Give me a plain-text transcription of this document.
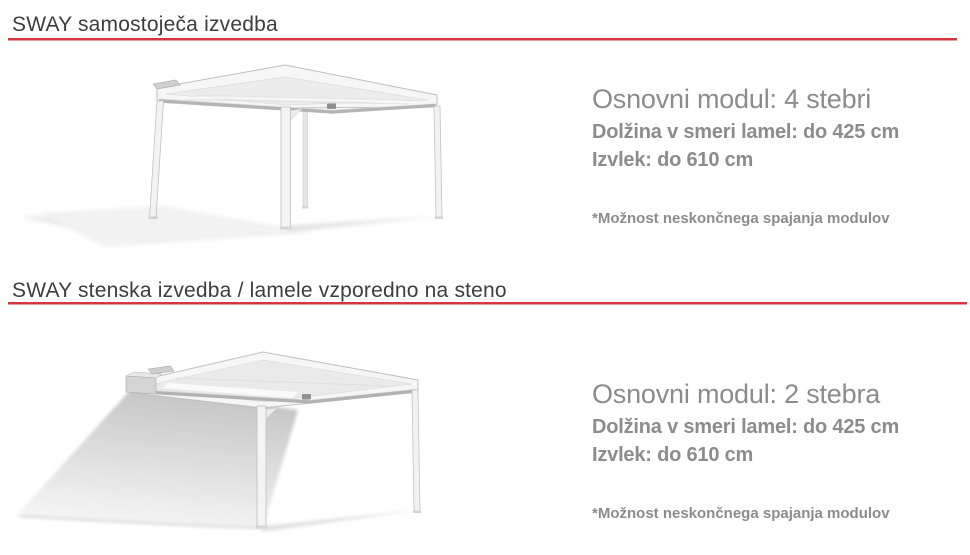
SWAY samostoječa izvedba

Osnovni modul: 4 stebri

Dolžina v smeri lamel: do 425 cm

Izvlek: do 610 cm

*Možnost neskončnega spajanja modulov

SWAY stenska izvedba / lamele vzporedno na steno

Osnovni modul: 2 stebra

Dolžina v smeri lamel: do 425 cm

Izvlek: do 610 cm

*Možnost neskončnega spajanja modulov
